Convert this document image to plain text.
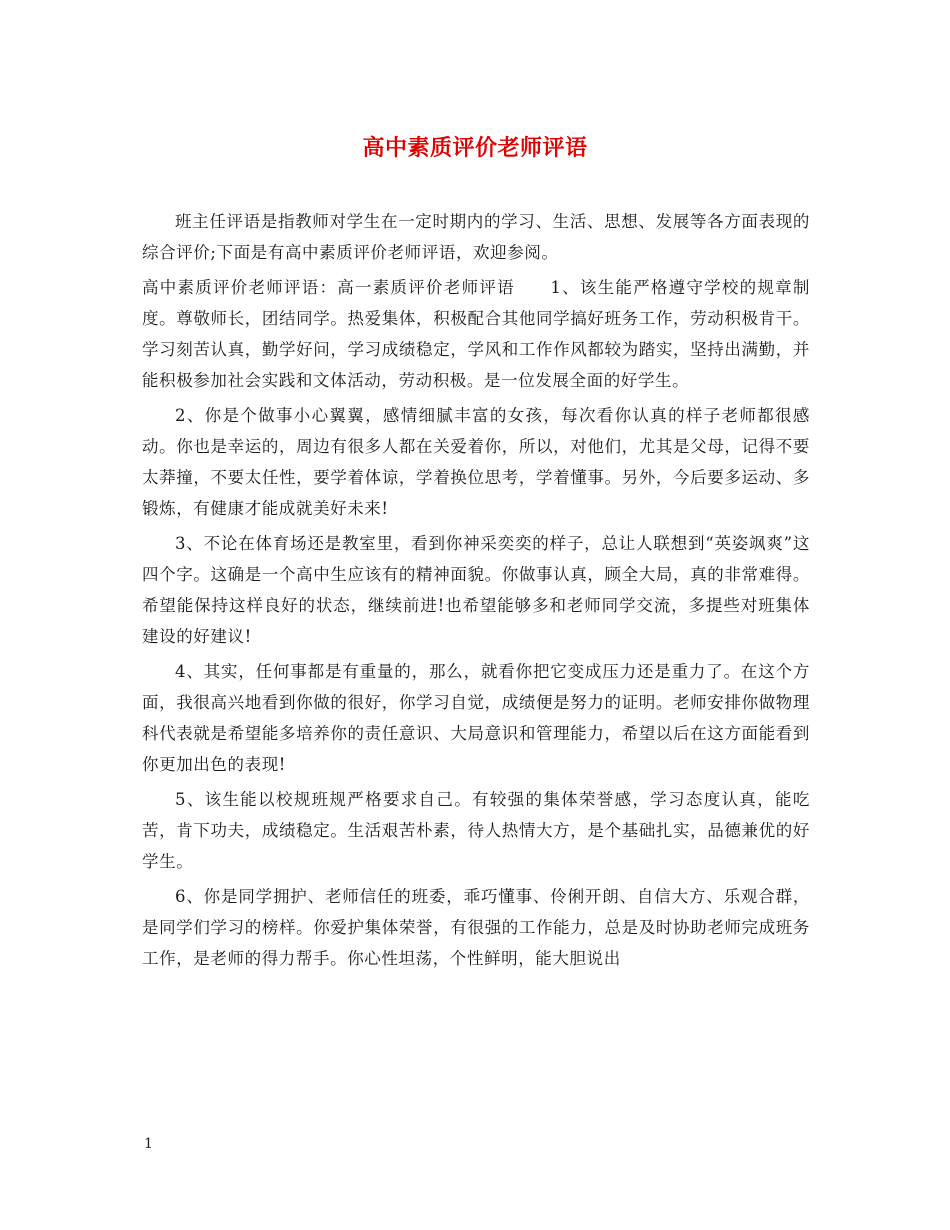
高中素质评价老师评语

班主任评语是指教师对学生在一定时期内的学习、生活、思想、发展等各方面表现的综合评价;下面是有高中素质评价老师评语，欢迎参阅。

高中素质评价老师评语：高一素质评价老师评语　　1、该生能严格遵守学校的规章制度。尊敬师长，团结同学。热爱集体，积极配合其他同学搞好班务工作，劳动积极肯干。学习刻苦认真，勤学好问，学习成绩稳定，学风和工作作风都较为踏实，坚持出满勤，并能积极参加社会实践和文体活动，劳动积极。是一位发展全面的好学生。

2、你是个做事小心翼翼，感情细腻丰富的女孩，每次看你认真的样子老师都很感动。你也是幸运的，周边有很多人都在关爱着你，所以，对他们，尤其是父母，记得不要太莽撞，不要太任性，要学着体谅，学着换位思考，学着懂事。另外，今后要多运动、多锻炼，有健康才能成就美好未来!

3、不论在体育场还是教室里，看到你神采奕奕的样子，总让人联想到“英姿飒爽”这四个字。这确是一个高中生应该有的精神面貌。你做事认真，顾全大局，真的非常难得。希望能保持这样良好的状态，继续前进!也希望能够多和老师同学交流，多提些对班集体建设的好建议!

4、其实，任何事都是有重量的，那么，就看你把它变成压力还是重力了。在这个方面，我很高兴地看到你做的很好，你学习自觉，成绩便是努力的证明。老师安排你做物理科代表就是希望能多培养你的责任意识、大局意识和管理能力，希望以后在这方面能看到你更加出色的表现!

5、该生能以校规班规严格要求自己。有较强的集体荣誉感，学习态度认真，能吃苦，肯下功夫，成绩稳定。生活艰苦朴素，待人热情大方，是个基础扎实，品德兼优的好学生。

6、你是同学拥护、老师信任的班委，乖巧懂事、伶俐开朗、自信大方、乐观合群，是同学们学习的榜样。你爱护集体荣誉，有很强的工作能力，总是及时协助老师完成班务工作，是老师的得力帮手。你心性坦荡，个性鲜明，能大胆说出

1
